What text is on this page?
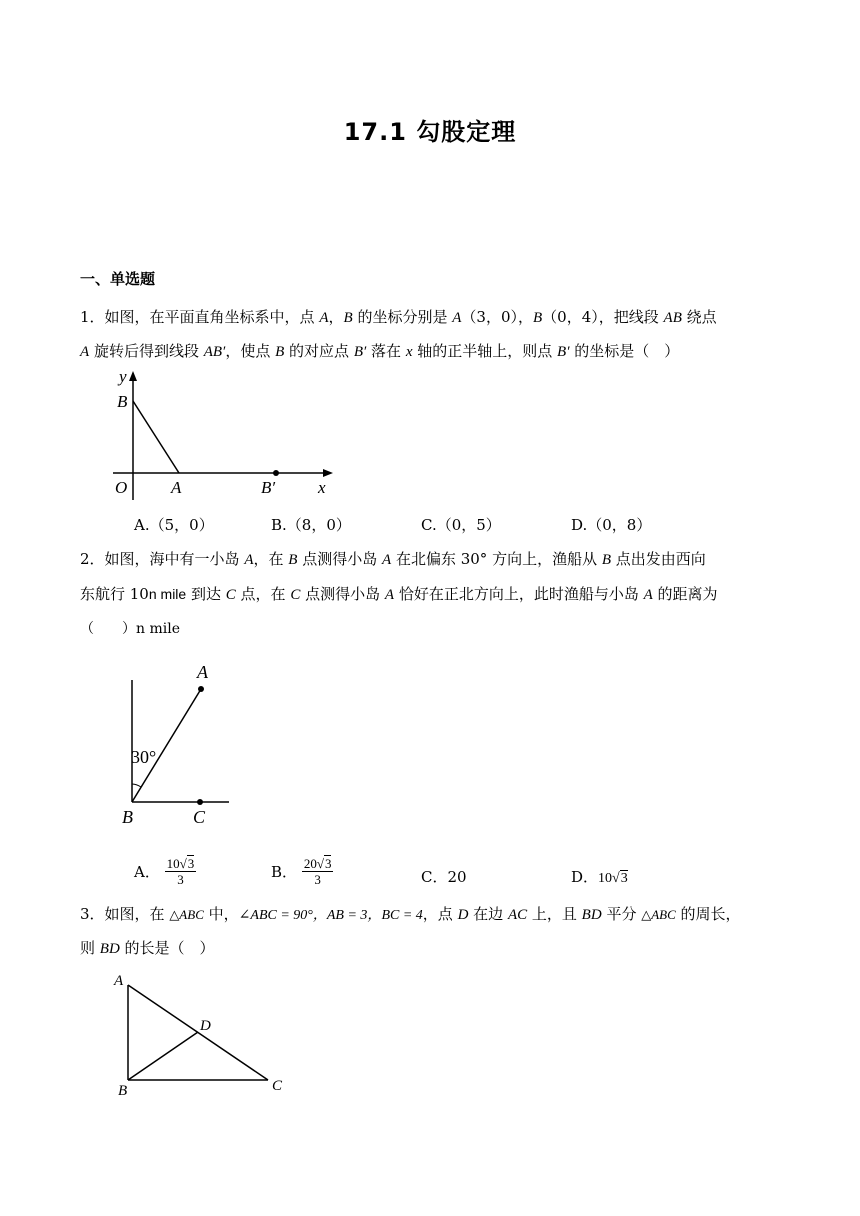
17.1 勾股定理
一、单选题
1．如图，在平面直角坐标系中，点 A，B 的坐标分别是 A（3，0），B（0，4），把线段 AB 绕点
A 旋转后得到线段 AB′，使点 B 的对应点 B′ 落在 x 轴的正半轴上，则点 B′ 的坐标是（　）
y
B
O	A	B′	x
A.（5，0）	B.（8，0）	C.（0，5）	D.（0，8）
2．如图，海中有一小岛 A，在 B 点测得小岛 A 在北偏东 30° 方向上，渔船从 B 点出发由西向
东航行 10n mile 到达 C 点，在 C 点测得小岛 A 恰好在正北方向上，此时渔船与小岛 A 的距离为
（　　）n mile
A
30°
B	C
A． $\frac{10√3}{3}$	B． $\frac{20√3}{3}$	C．20	D．10√3
3．如图，在 △ABC 中，∠ABC = 90°，AB = 3，BC = 4，点 D 在边 AC 上，且 BD 平分 △ABC 的周长，
则 BD 的长是（　）
A
D
B	C
